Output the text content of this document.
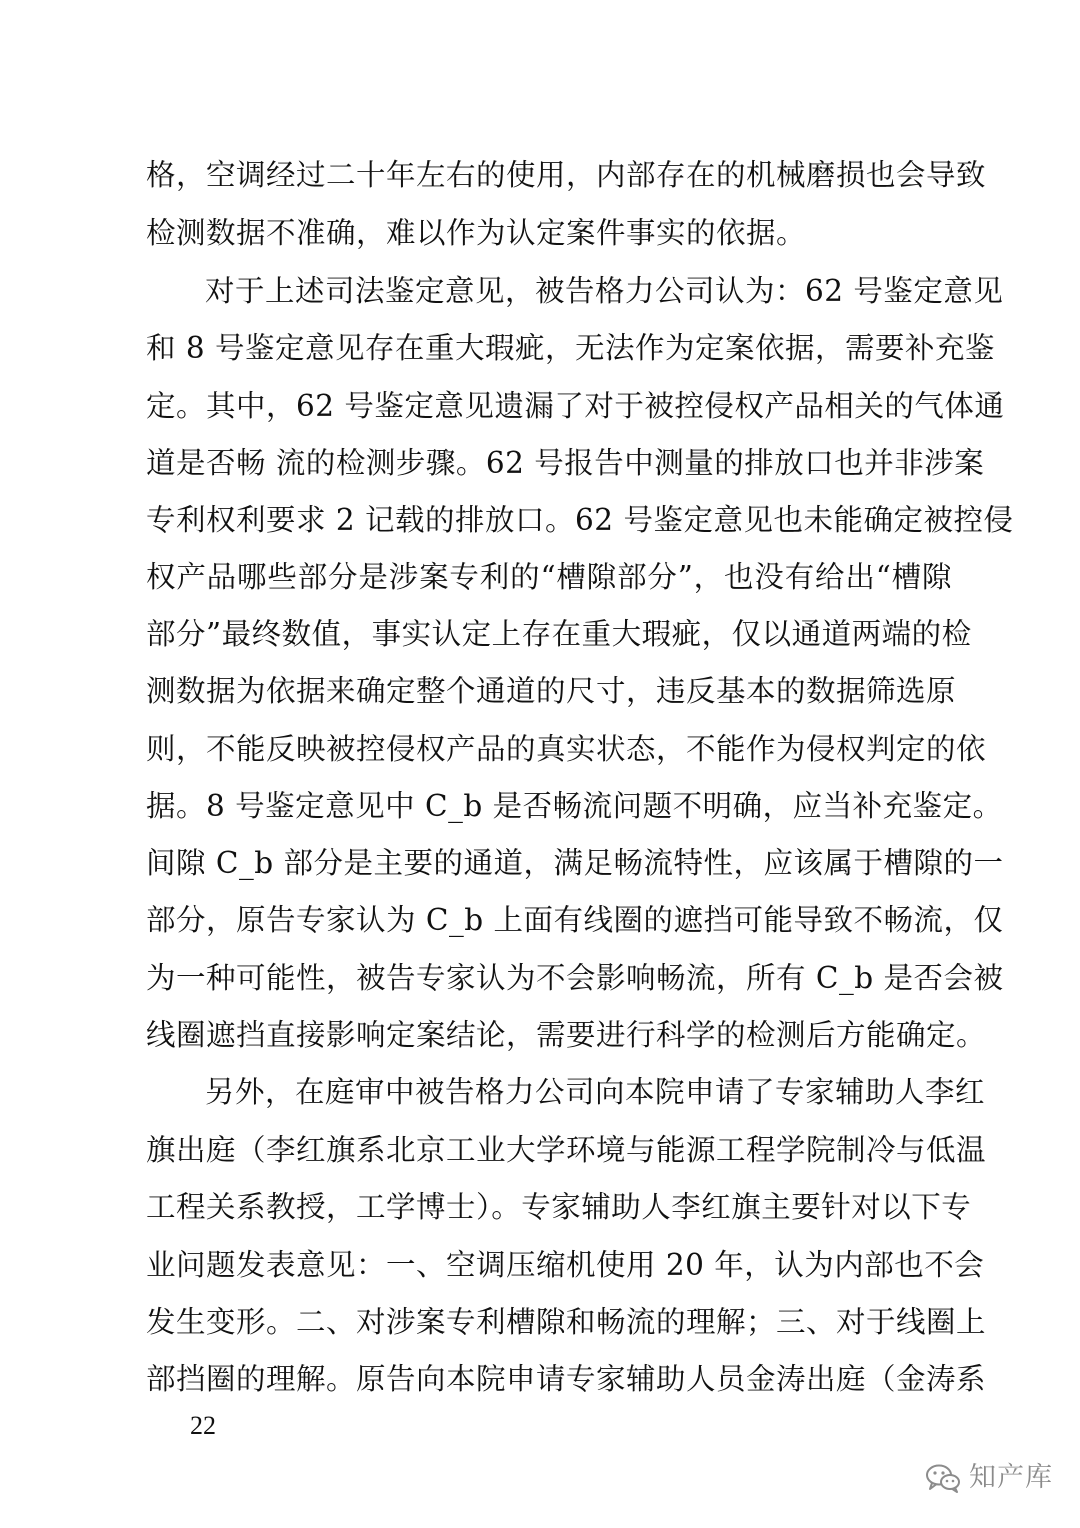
格，空调经过二十年左右的使用，内部存在的机械磨损也会导致
检测数据不准确，难以作为认定案件事实的依据。
对于上述司法鉴定意见，被告格力公司认为：62 号鉴定意见
和 8 号鉴定意见存在重大瑕疵，无法作为定案依据，需要补充鉴
定。其中，62 号鉴定意见遗漏了对于被控侵权产品相关的气体通
道是否畅 流的检测步骤。62 号报告中测量的排放口也并非涉案
专利权利要求 2 记载的排放口。62 号鉴定意见也未能确定被控侵
权产品哪些部分是涉案专利的“槽隙部分”，也没有给出“槽隙
部分”最终数值，事实认定上存在重大瑕疵，仅以通道两端的检
测数据为依据来确定整个通道的尺寸，违反基本的数据筛选原
则，不能反映被控侵权产品的真实状态，不能作为侵权判定的依
据。8 号鉴定意见中 C_b 是否畅流问题不明确，应当补充鉴定。
间隙 C_b 部分是主要的通道，满足畅流特性，应该属于槽隙的一
部分，原告专家认为 C_b 上面有线圈的遮挡可能导致不畅流，仅
为一种可能性，被告专家认为不会影响畅流，所有 C_b 是否会被
线圈遮挡直接影响定案结论，需要进行科学的检测后方能确定。
另外，在庭审中被告格力公司向本院申请了专家辅助人李红
旗出庭（李红旗系北京工业大学环境与能源工程学院制冷与低温
工程关系教授，工学博士）。专家辅助人李红旗主要针对以下专
业问题发表意见：一、空调压缩机使用 20 年，认为内部也不会
发生变形。二、对涉案专利槽隙和畅流的理解；三、对于线圈上
部挡圈的理解。原告向本院申请专家辅助人员金涛出庭（金涛系
22
知产库
